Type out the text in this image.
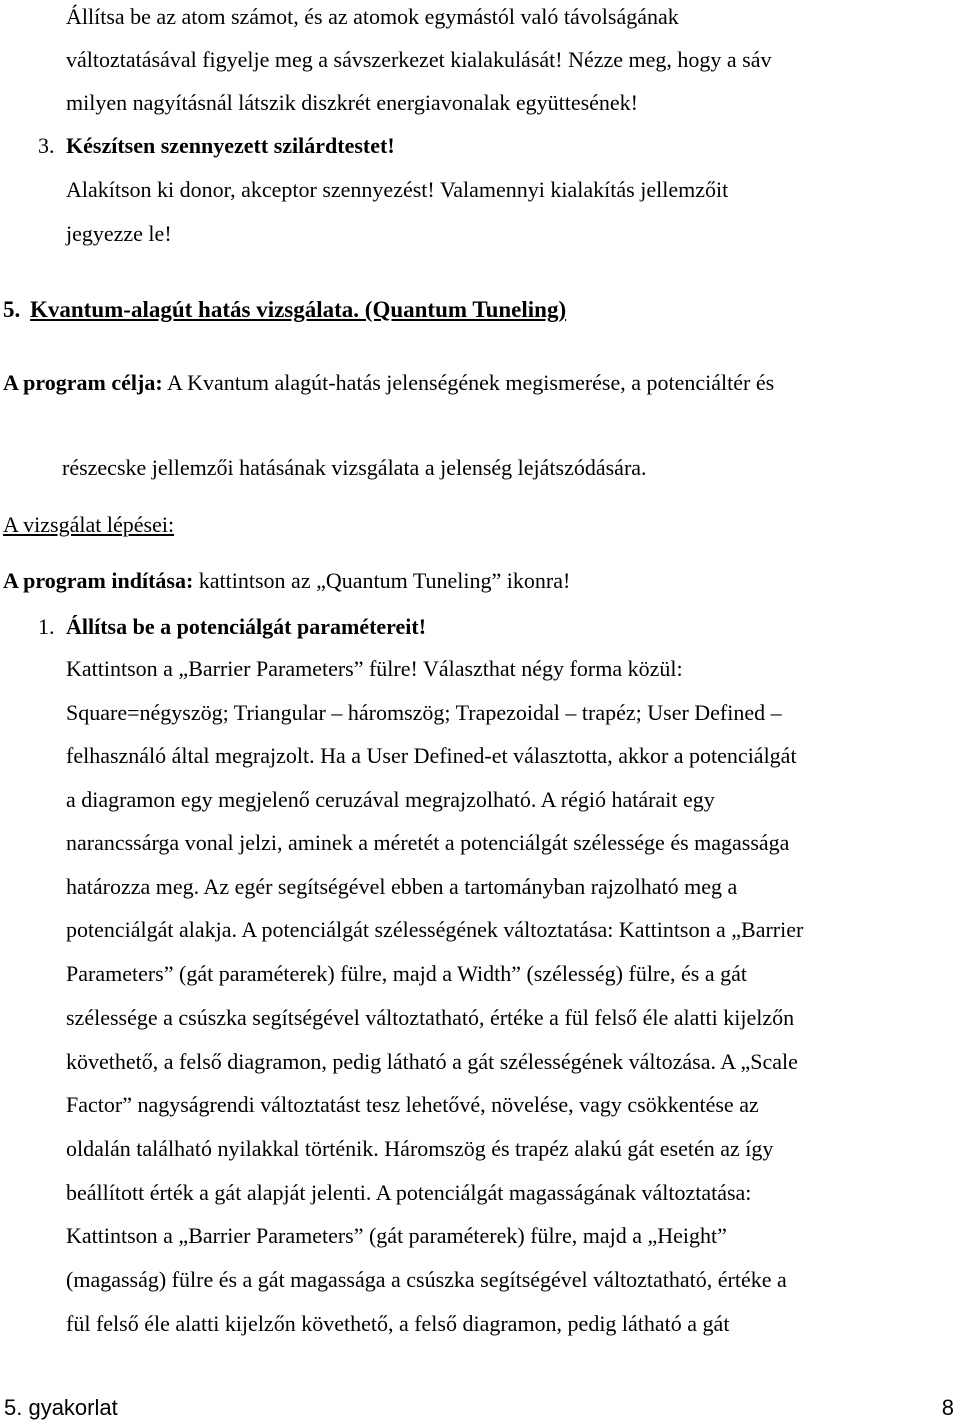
Állítsa be az atom számot, és az atomok egymástól való távolságának
változtatásával figyelje meg a sávszerkezet kialakulását! Nézze meg, hogy a sáv
milyen nagyításnál látszik diszkrét energiavonalak együttesének!
3. Készítsen szennyezett szilárdtestet!
Alakítson ki donor, akceptor szennyezést! Valamennyi kialakítás jellemzőit
jegyezze le!
5. Kvantum-alagút hatás vizsgálata. (Quantum Tuneling)
A program célja: A Kvantum alagút-hatás jelenségének megismerése, a potenciáltér és
részecske jellemzői hatásának vizsgálata a jelenség lejátszódására.
A vizsgálat lépései:
A program indítása: kattintson az „Quantum Tuneling” ikonra!
1. Állítsa be a potenciálgát paramétereit!
Kattintson a „Barrier Parameters” fülre! Választhat négy forma közül:
Square=négyszög; Triangular – háromszög; Trapezoidal – trapéz; User Defined –
felhasználó által megrajzolt. Ha a User Defined-et választotta, akkor a potenciálgát
a diagramon egy megjelenő ceruzával megrajzolható. A régió határait egy
narancssárga vonal jelzi, aminek a méretét a potenciálgát szélessége és magassága
határozza meg. Az egér segítségével ebben a tartományban rajzolható meg a
potenciálgát alakja. A potenciálgát szélességének változtatása: Kattintson a „Barrier
Parameters” (gát paraméterek) fülre, majd a Width” (szélesség) fülre, és a gát
szélessége a csúszka segítségével változtatható, értéke a fül felső éle alatti kijelzőn
követhető, a felső diagramon, pedig látható a gát szélességének változása. A „Scale
Factor” nagyságrendi változtatást tesz lehetővé, növelése, vagy csökkentése az
oldalán található nyilakkal történik. Háromszög és trapéz alakú gát esetén az így
beállított érték a gát alapját jelenti. A potenciálgát magasságának változtatása:
Kattintson a „Barrier Parameters” (gát paraméterek) fülre, majd a „Height”
(magasság) fülre és a gát magassága a csúszka segítségével változtatható, értéke a
fül felső éle alatti kijelzőn követhető, a felső diagramon, pedig látható a gát
5. gyakorlat	8
